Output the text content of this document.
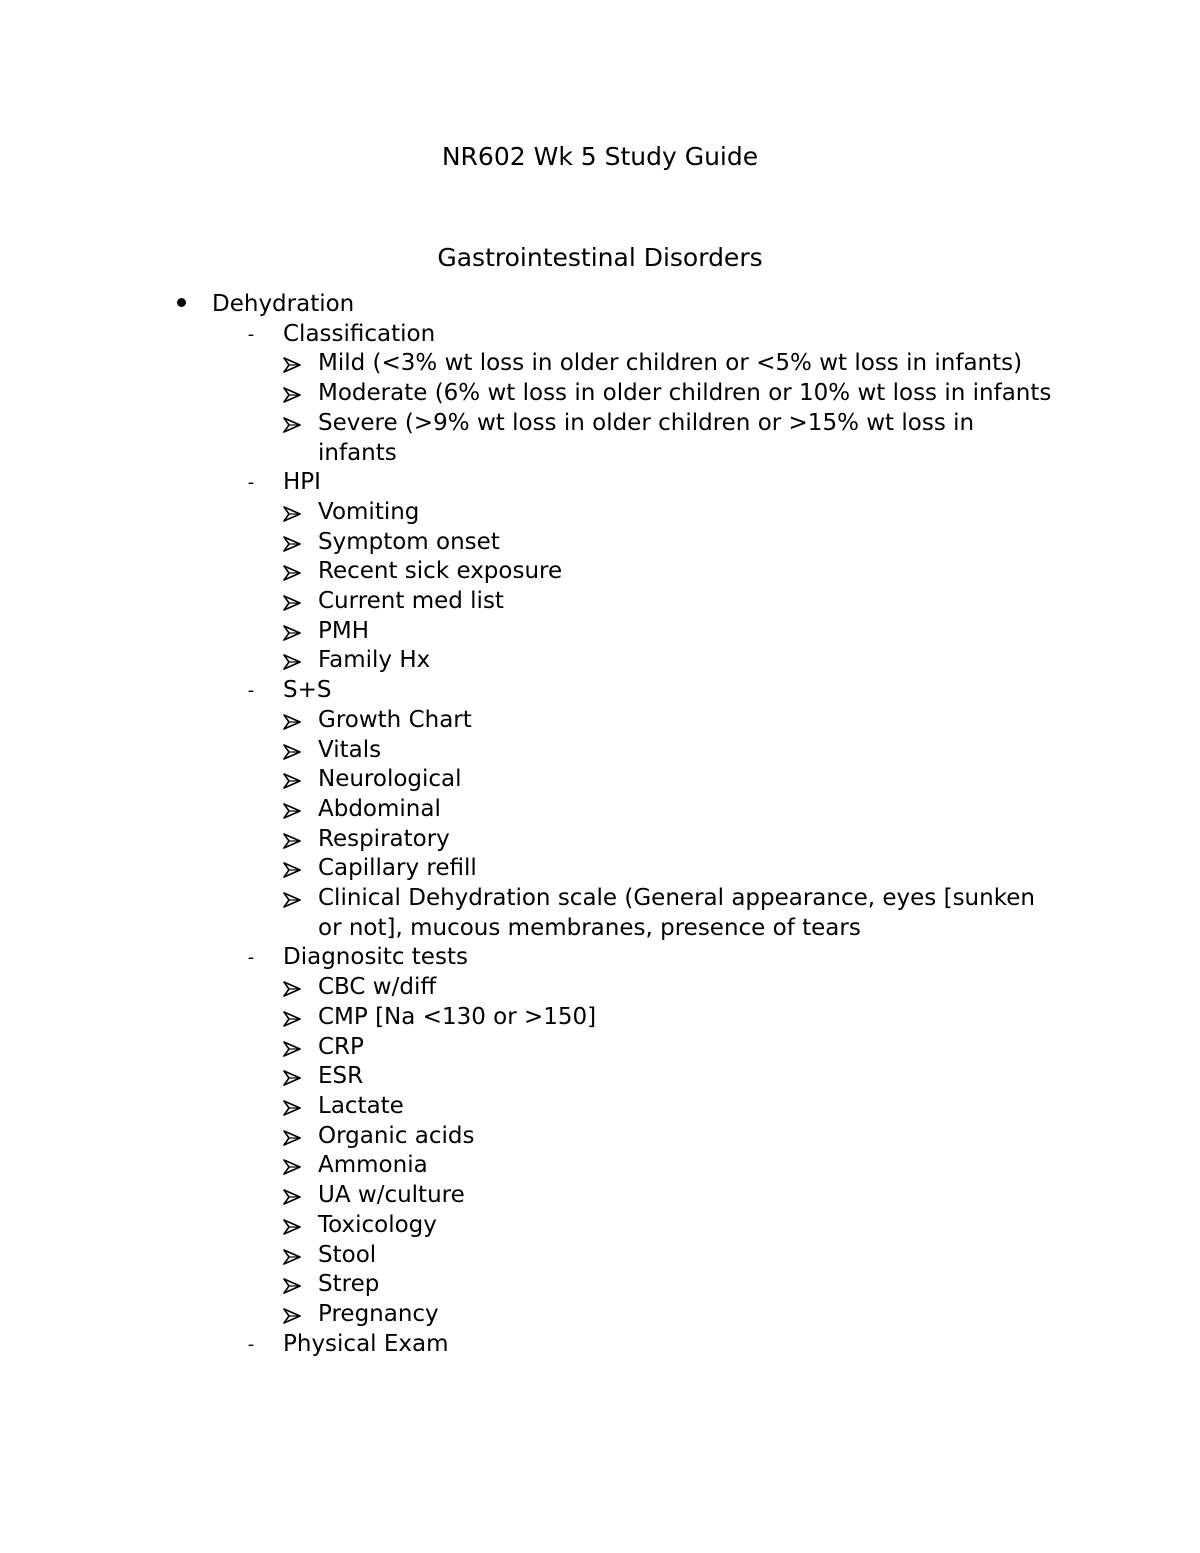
NR602 Wk 5 Study Guide
Gastrointestinal Disorders
Dehydration
- Classification
Mild (<3% wt loss in older children or <5% wt loss in infants)
Moderate (6% wt loss in older children or 10% wt loss in infants
Severe (>9% wt loss in older children or >15% wt loss in infants
- HPI
Vomiting
Symptom onset
Recent sick exposure
Current med list
PMH
Family Hx
- S+S
Growth Chart
Vitals
Neurological
Abdominal
Respiratory
Capillary refill
Clinical Dehydration scale (General appearance, eyes [sunken or not], mucous membranes, presence of tears
- Diagnositc tests
CBC w/diff
CMP [Na <130 or >150]
CRP
ESR
Lactate
Organic acids
Ammonia
UA w/culture
Toxicology
Stool
Strep
Pregnancy
- Physical Exam
